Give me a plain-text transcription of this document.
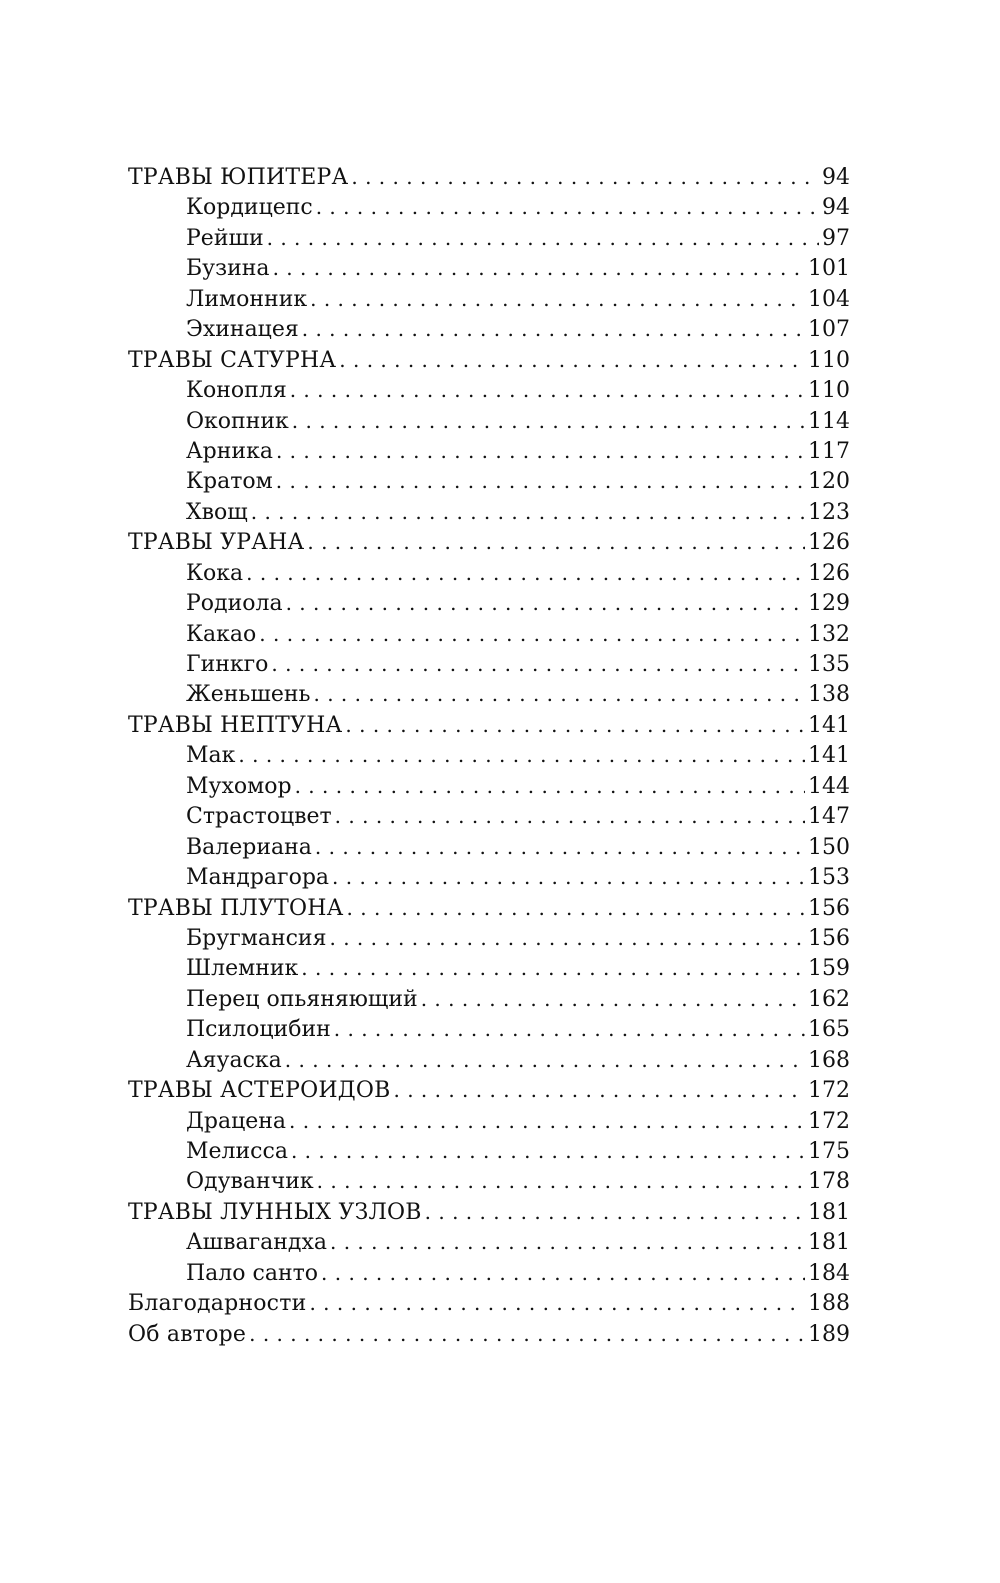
ТРАВЫ ЮПИТЕРА . . .	94
Кордицепс . . .	94
Рейши . . .	97
Бузина . . .	101
Лимонник . . .	104
Эхинацея . . .	107
ТРАВЫ САТУРНА . . .	110
Конопля . . .	110
Окопник . . .	114
Арника . . .	117
Кратом . . .	120
Хвощ . . .	123
ТРАВЫ УРАНА . . .	126
Кока . . .	126
Родиола . . .	129
Какао . . .	132
Гинкго . . .	135
Женьшень . . .	138
ТРАВЫ НЕПТУНА . . .	141
Мак . . .	141
Мухомор . . .	144
Страстоцвет . . .	147
Валериана . . .	150
Мандрагора . . .	153
ТРАВЫ ПЛУТОНА . . .	156
Бругмансия . . .	156
Шлемник . . .	159
Перец опьяняющий . . .	162
Псилоцибин . . .	165
Аяуаска . . .	168
ТРАВЫ АСТЕРОИДОВ . . .	172
Драцена . . .	172
Мелисса . . .	175
Одуванчик . . .	178
ТРАВЫ ЛУННЫХ УЗЛОВ . . .	181
Ашвагандха . . .	181
Пало санто . . .	184
Благодарности . . .	188
Об авторе . . .	189
